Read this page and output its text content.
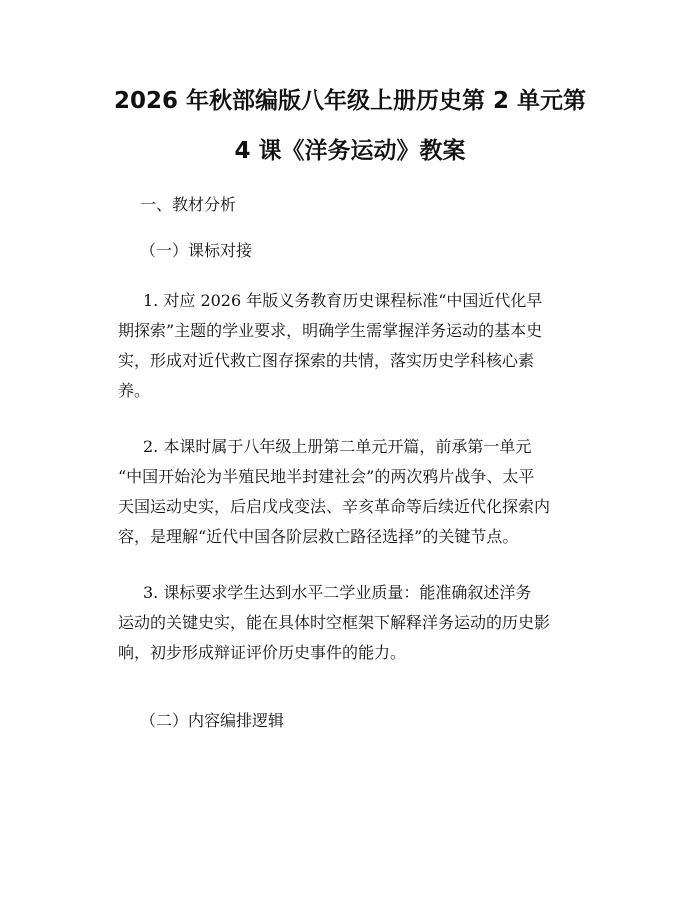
2026 年秋部编版八年级上册历史第 2 单元第
4 课《洋务运动》教案
一、教材分析
（一）课标对接
1. 对应 2026 年版义务教育历史课程标准“中国近代化早
期探索”主题的学业要求，明确学生需掌握洋务运动的基本史
实，形成对近代救亡图存探索的共情，落实历史学科核心素
养。
2. 本课时属于八年级上册第二单元开篇，前承第一单元
“中国开始沦为半殖民地半封建社会”的两次鸦片战争、太平
天国运动史实，后启戊戌变法、辛亥革命等后续近代化探索内
容，是理解“近代中国各阶层救亡路径选择”的关键节点。
3. 课标要求学生达到水平二学业质量：能准确叙述洋务
运动的关键史实，能在具体时空框架下解释洋务运动的历史影
响，初步形成辩证评价历史事件的能力。
（二）内容编排逻辑
